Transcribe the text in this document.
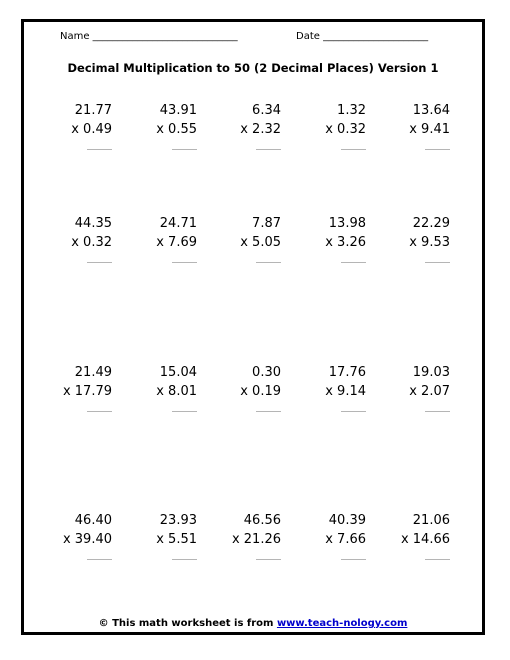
Name _____________________________	Date _____________________
Decimal Multiplication to 50 (2 Decimal Places) Version 1
21.77
x 0.49
43.91
x 0.55
6.34
x 2.32
1.32
x 0.32
13.64
x 9.41
44.35
x 0.32
24.71
x 7.69
7.87
x 5.05
13.98
x 3.26
22.29
x 9.53
21.49
x 17.79
15.04
x 8.01
0.30
x 0.19
17.76
x 9.14
19.03
x 2.07
46.40
x 39.40
23.93
x 5.51
46.56
x 21.26
40.39
x 7.66
21.06
x 14.66
© This math worksheet is from www.teach-nology.com
